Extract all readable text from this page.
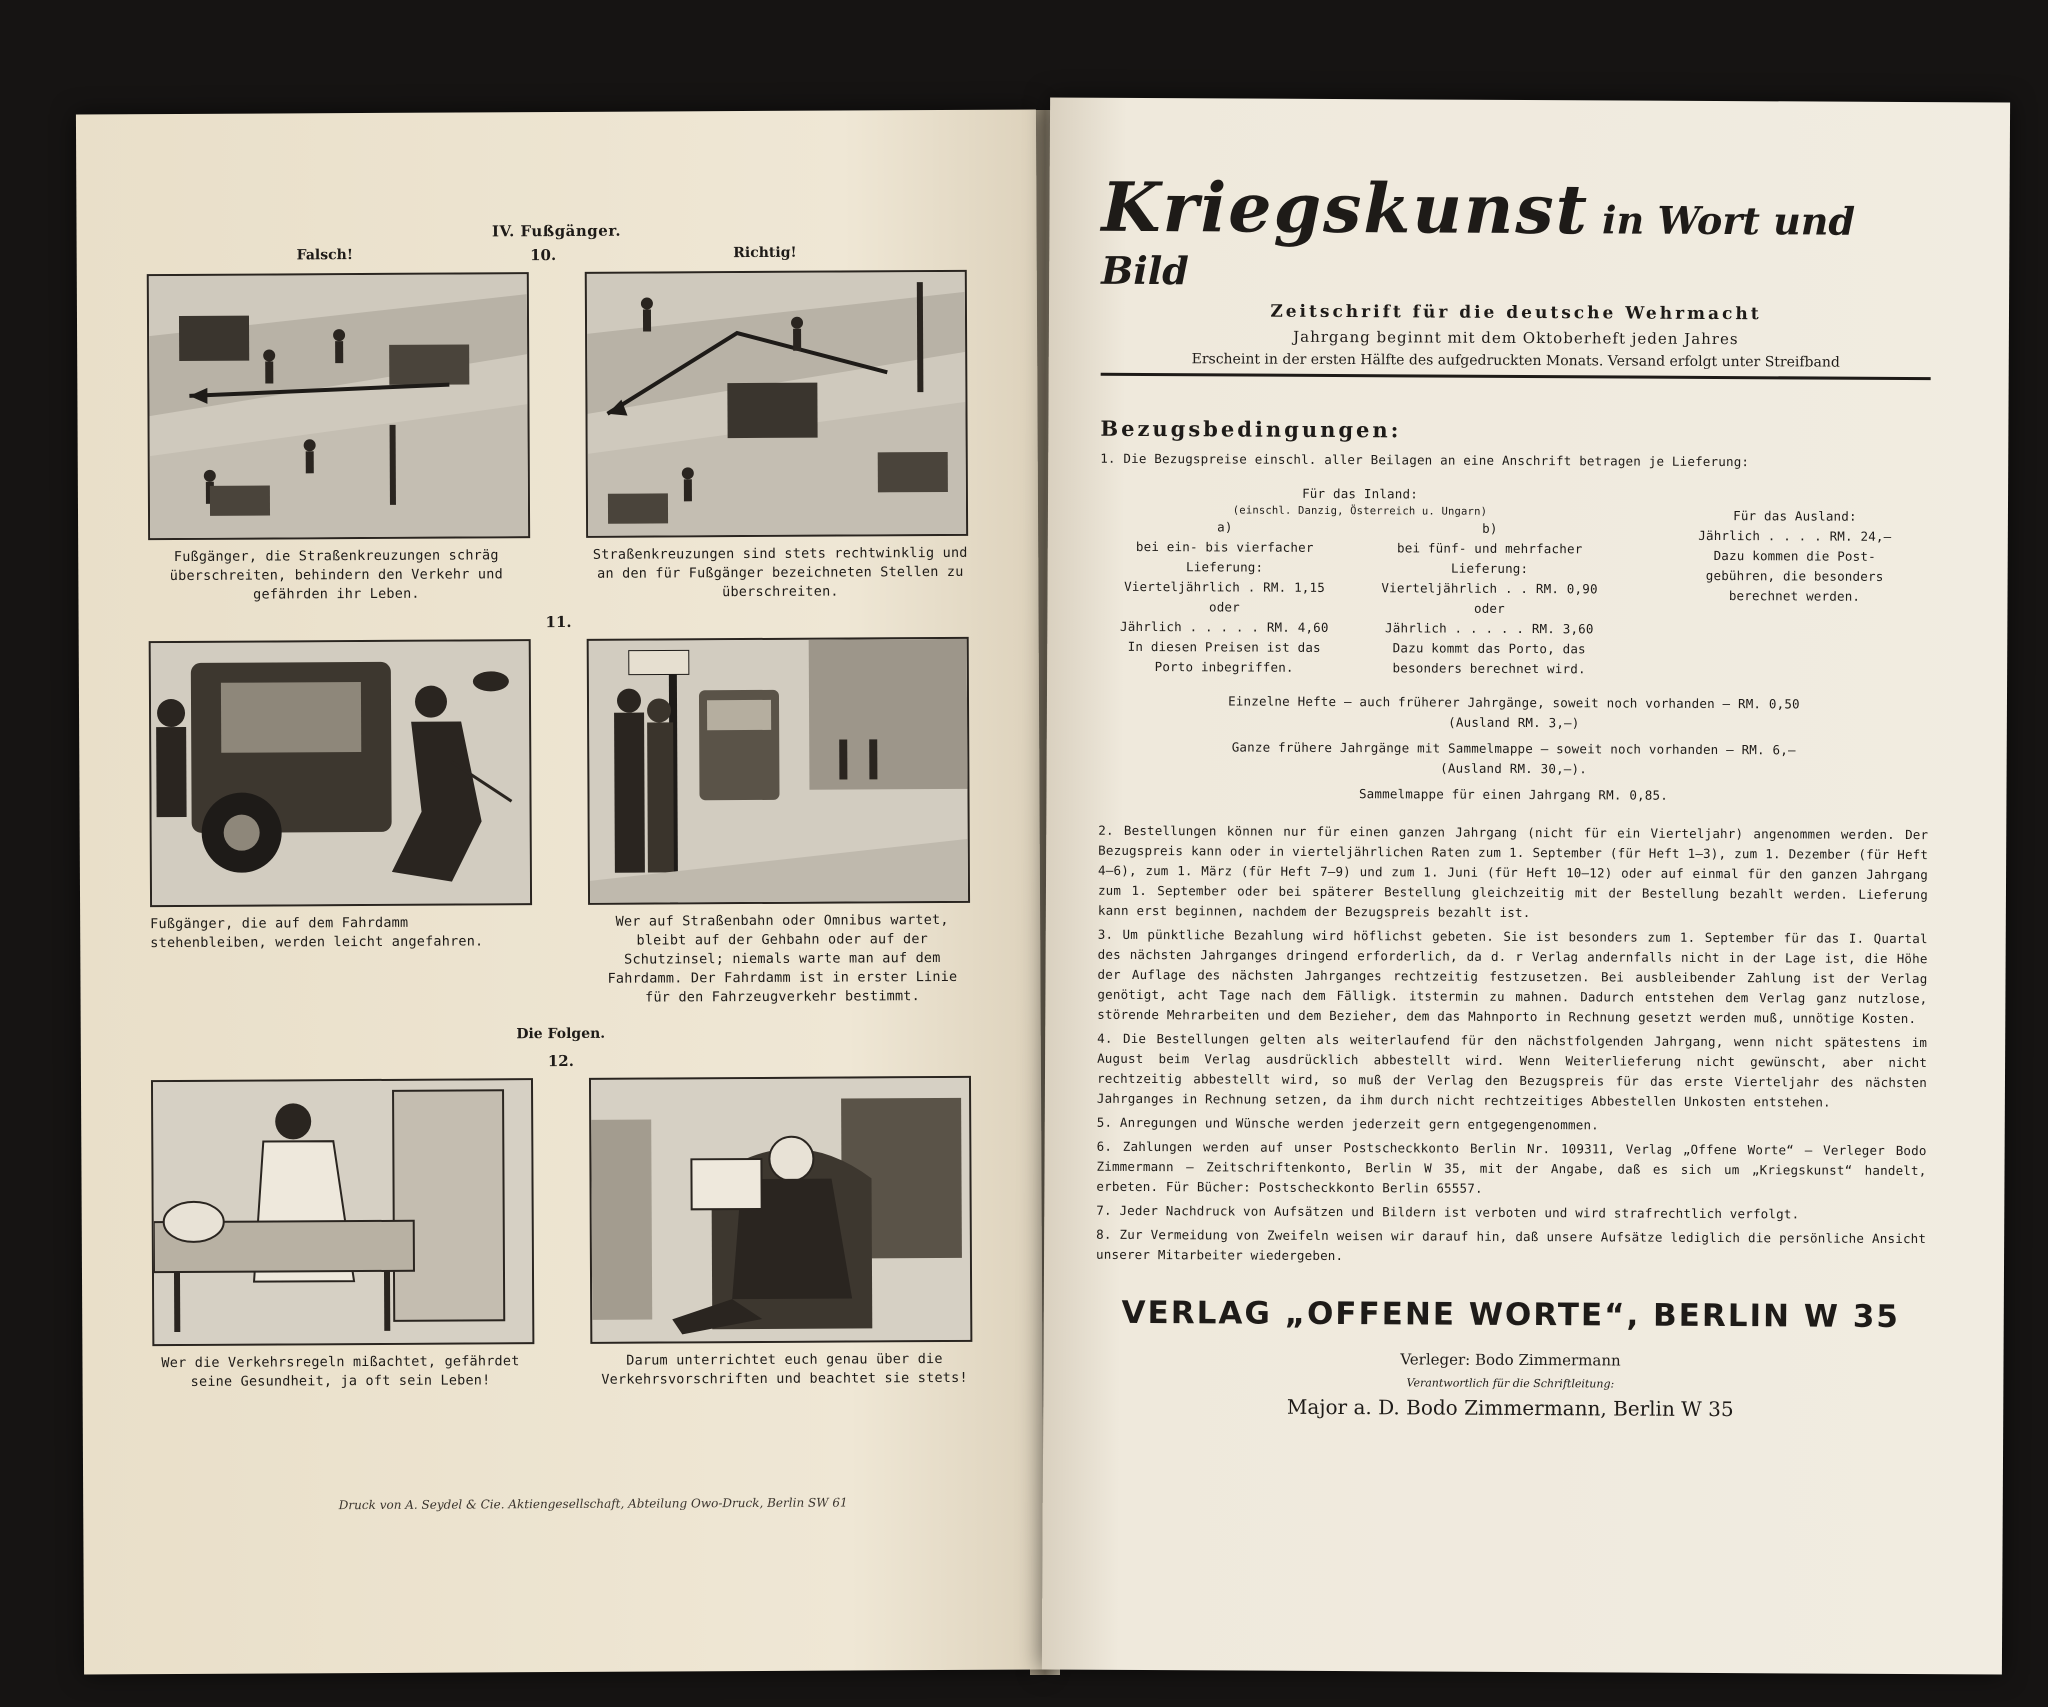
IV. Fußgänger.
Falsch!	10.	Richtig!
Fußgänger, die Straßenkreuzungen schräg überschreiten, behindern den Verkehr und gefährden ihr Leben.
Straßenkreuzungen sind stets rechtwinklig und an den für Fußgänger bezeichneten Stellen zu überschreiten.
11.
Fußgänger, die auf dem Fahrdamm stehenbleiben, werden leicht angefahren.
Wer auf Straßenbahn oder Omnibus wartet, bleibt auf der Gehbahn oder auf der Schutzinsel; niemals warte man auf dem Fahrdamm. Der Fahrdamm ist in erster Linie für den Fahrzeugverkehr bestimmt.
Die Folgen.
12.
Wer die Verkehrsregeln mißachtet, gefährdet seine Gesundheit, ja oft sein Leben!
Darum unterrichtet euch genau über die Verkehrsvorschriften und beachtet sie stets!
Druck von A. Seydel & Cie. Aktiengesellschaft, Abteilung Owo-Druck, Berlin SW 61
Kriegskunst in Wort und Bild
Zeitschrift für die deutsche Wehrmacht
Jahrgang beginnt mit dem Oktoberheft jeden Jahres
Erscheint in der ersten Hälfte des aufgedruckten Monats. Versand erfolgt unter Streifband
Bezugsbedingungen:
1. Die Bezugspreise einschl. aller Beilagen an eine Anschrift betragen je Lieferung:
Für das Inland:
(einschl. Danzig, Österreich u. Ungarn)
a)
bei ein- bis vierfacher
Lieferung:
Vierteljährlich . RM. 1,15
oder
Jährlich . . . . . RM. 4,60
In diesen Preisen ist das
Porto inbegriffen.
b)
bei fünf- und mehrfacher
Lieferung:
Vierteljährlich . . RM. 0,90
oder
Jährlich . . . . . RM. 3,60
Dazu kommt das Porto, das
besonders berechnet wird.
Für das Ausland:
Jährlich . . . . RM. 24,—
Dazu kommen die Post-
gebühren, die besonders
berechnet werden.
Einzelne Hefte — auch früherer Jahrgänge, soweit noch vorhanden — RM. 0,50
(Ausland RM. 3,—)
Ganze frühere Jahrgänge mit Sammelmappe — soweit noch vorhanden — RM. 6,—
(Ausland RM. 30,—).
Sammelmappe für einen Jahrgang RM. 0,85.
2. Bestellungen können nur für einen ganzen Jahrgang (nicht für ein Vierteljahr) angenommen werden. Der Bezugspreis kann oder in vierteljährlichen Raten zum 1. September (für Heft 1—3), zum 1. Dezember (für Heft 4—6), zum 1. März (für Heft 7—9) und zum 1. Juni (für Heft 10—12) oder auf einmal für den ganzen Jahrgang zum 1. September oder bei späterer Bestellung gleichzeitig mit der Bestellung bezahlt werden. Lieferung kann erst beginnen, nachdem der Bezugspreis bezahlt ist.
3. Um pünktliche Bezahlung wird höflichst gebeten. Sie ist besonders zum 1. September für das I. Quartal des nächsten Jahrganges dringend erforderlich, da d. r Verlag andernfalls nicht in der Lage ist, die Höhe der Auflage des nächsten Jahrganges rechtzeitig festzusetzen. Bei ausbleibender Zahlung ist der Verlag genötigt, acht Tage nach dem Fälligk. itstermin zu mahnen. Dadurch entstehen dem Verlag ganz nutzlose, störende Mehrarbeiten und dem Bezieher, dem das Mahnporto in Rechnung gesetzt werden muß, unnötige Kosten.
4. Die Bestellungen gelten als weiterlaufend für den nächstfolgenden Jahrgang, wenn nicht spätestens im August beim Verlag ausdrücklich abbestellt wird. Wenn Weiterlieferung nicht gewünscht, aber nicht rechtzeitig abbestellt wird, so muß der Verlag den Bezugspreis für das erste Vierteljahr des nächsten Jahrganges in Rechnung setzen, da ihm durch nicht rechtzeitiges Abbestellen Unkosten entstehen.
5. Anregungen und Wünsche werden jederzeit gern entgegengenommen.
6. Zahlungen werden auf unser Postscheckkonto Berlin Nr. 109311, Verlag „Offene Worte“ — Verleger Bodo Zimmermann — Zeitschriftenkonto, Berlin W 35, mit der Angabe, daß es sich um „Kriegskunst“ handelt, erbeten. Für Bücher: Postscheckkonto Berlin 65557.
7. Jeder Nachdruck von Aufsätzen und Bildern ist verboten und wird strafrechtlich verfolgt.
8. Zur Vermeidung von Zweifeln weisen wir darauf hin, daß unsere Aufsätze lediglich die persönliche Ansicht unserer Mitarbeiter wiedergeben.
VERLAG „OFFENE WORTE“, BERLIN W 35
Verleger: Bodo Zimmermann
Verantwortlich für die Schriftleitung:
Major a. D. Bodo Zimmermann, Berlin W 35
